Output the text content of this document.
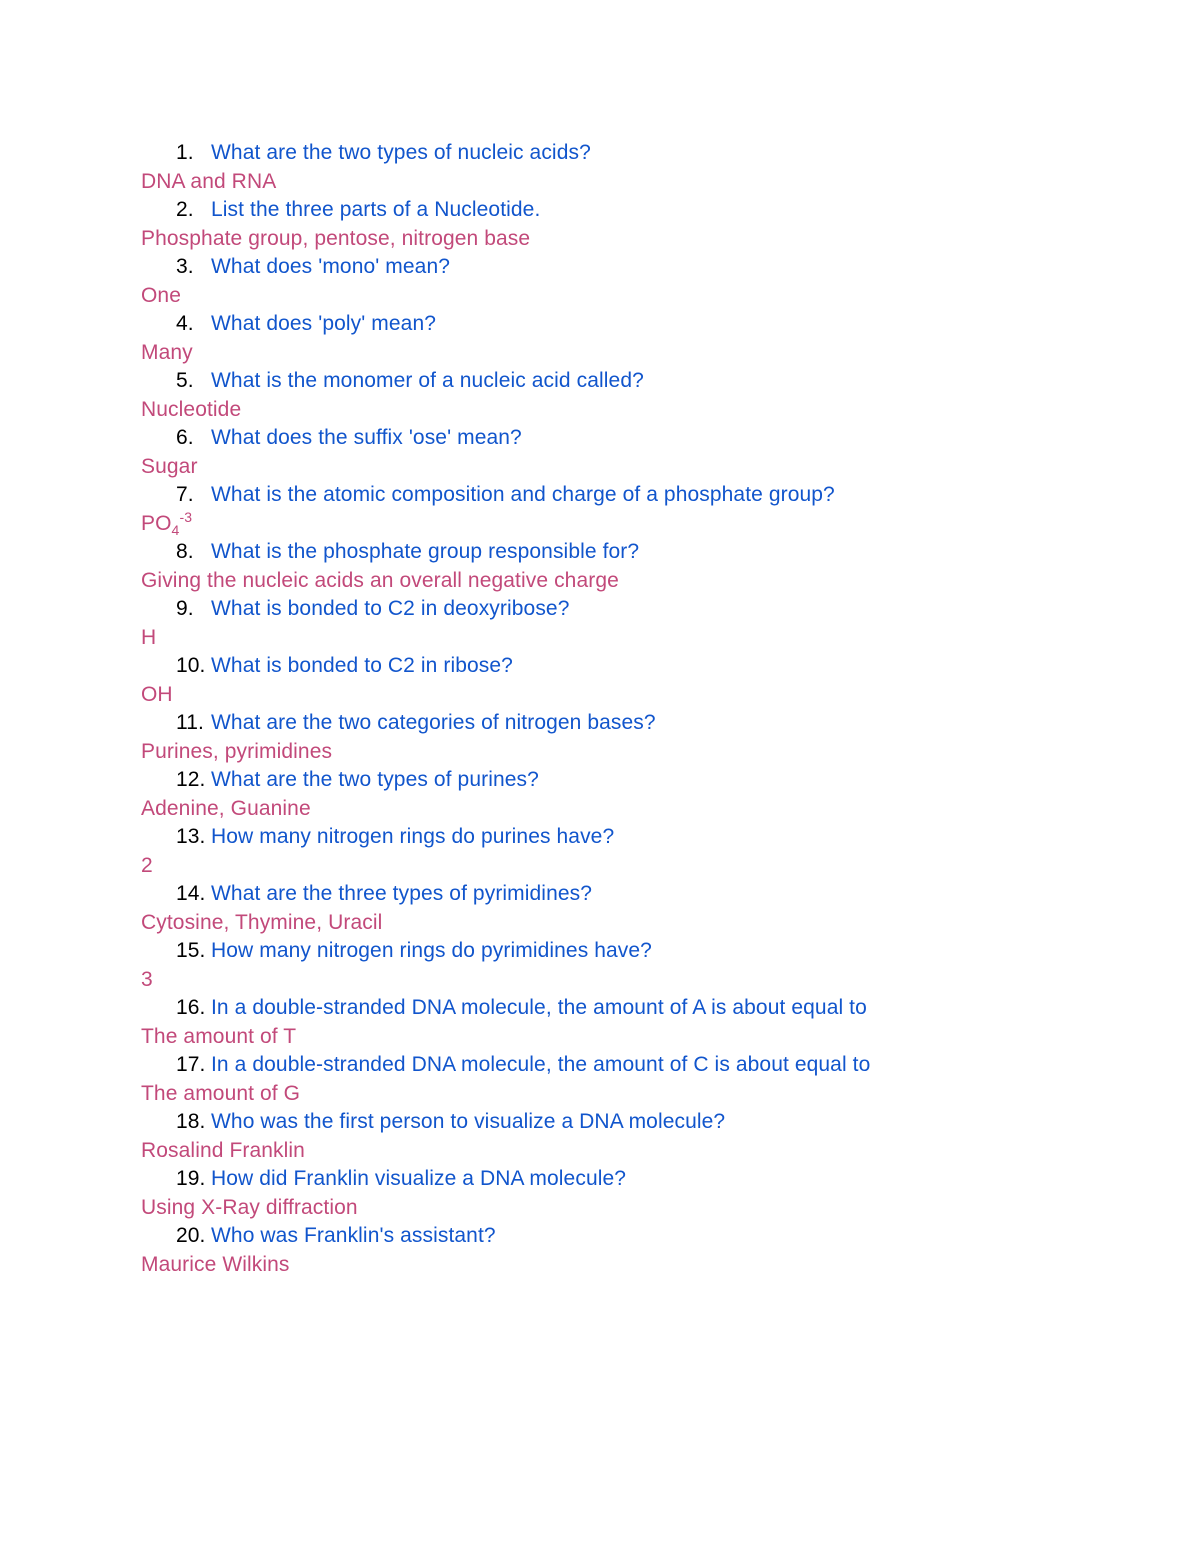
1. What are the two types of nucleic acids?
DNA and RNA
2. List the three parts of a Nucleotide.
Phosphate group, pentose, nitrogen base
3. What does 'mono' mean?
One
4. What does 'poly' mean?
Many
5. What is the monomer of a nucleic acid called?
Nucleotide
6. What does the suffix 'ose' mean?
Sugar
7. What is the atomic composition and charge of a phosphate group?
$PO_4^{-3}$
8. What is the phosphate group responsible for?
Giving the nucleic acids an overall negative charge
9. What is bonded to C2 in deoxyribose?
H
10. What is bonded to C2 in ribose?
OH
11. What are the two categories of nitrogen bases?
Purines, pyrimidines
12. What are the two types of purines?
Adenine, Guanine
13. How many nitrogen rings do purines have?
2
14. What are the three types of pyrimidines?
Cytosine, Thymine, Uracil
15. How many nitrogen rings do pyrimidines have?
3
16. In a double-stranded DNA molecule, the amount of A is about equal to
The amount of T
17. In a double-stranded DNA molecule, the amount of C is about equal to
The amount of G
18. Who was the first person to visualize a DNA molecule?
Rosalind Franklin
19. How did Franklin visualize a DNA molecule?
Using X-Ray diffraction
20. Who was Franklin's assistant?
Maurice Wilkins
